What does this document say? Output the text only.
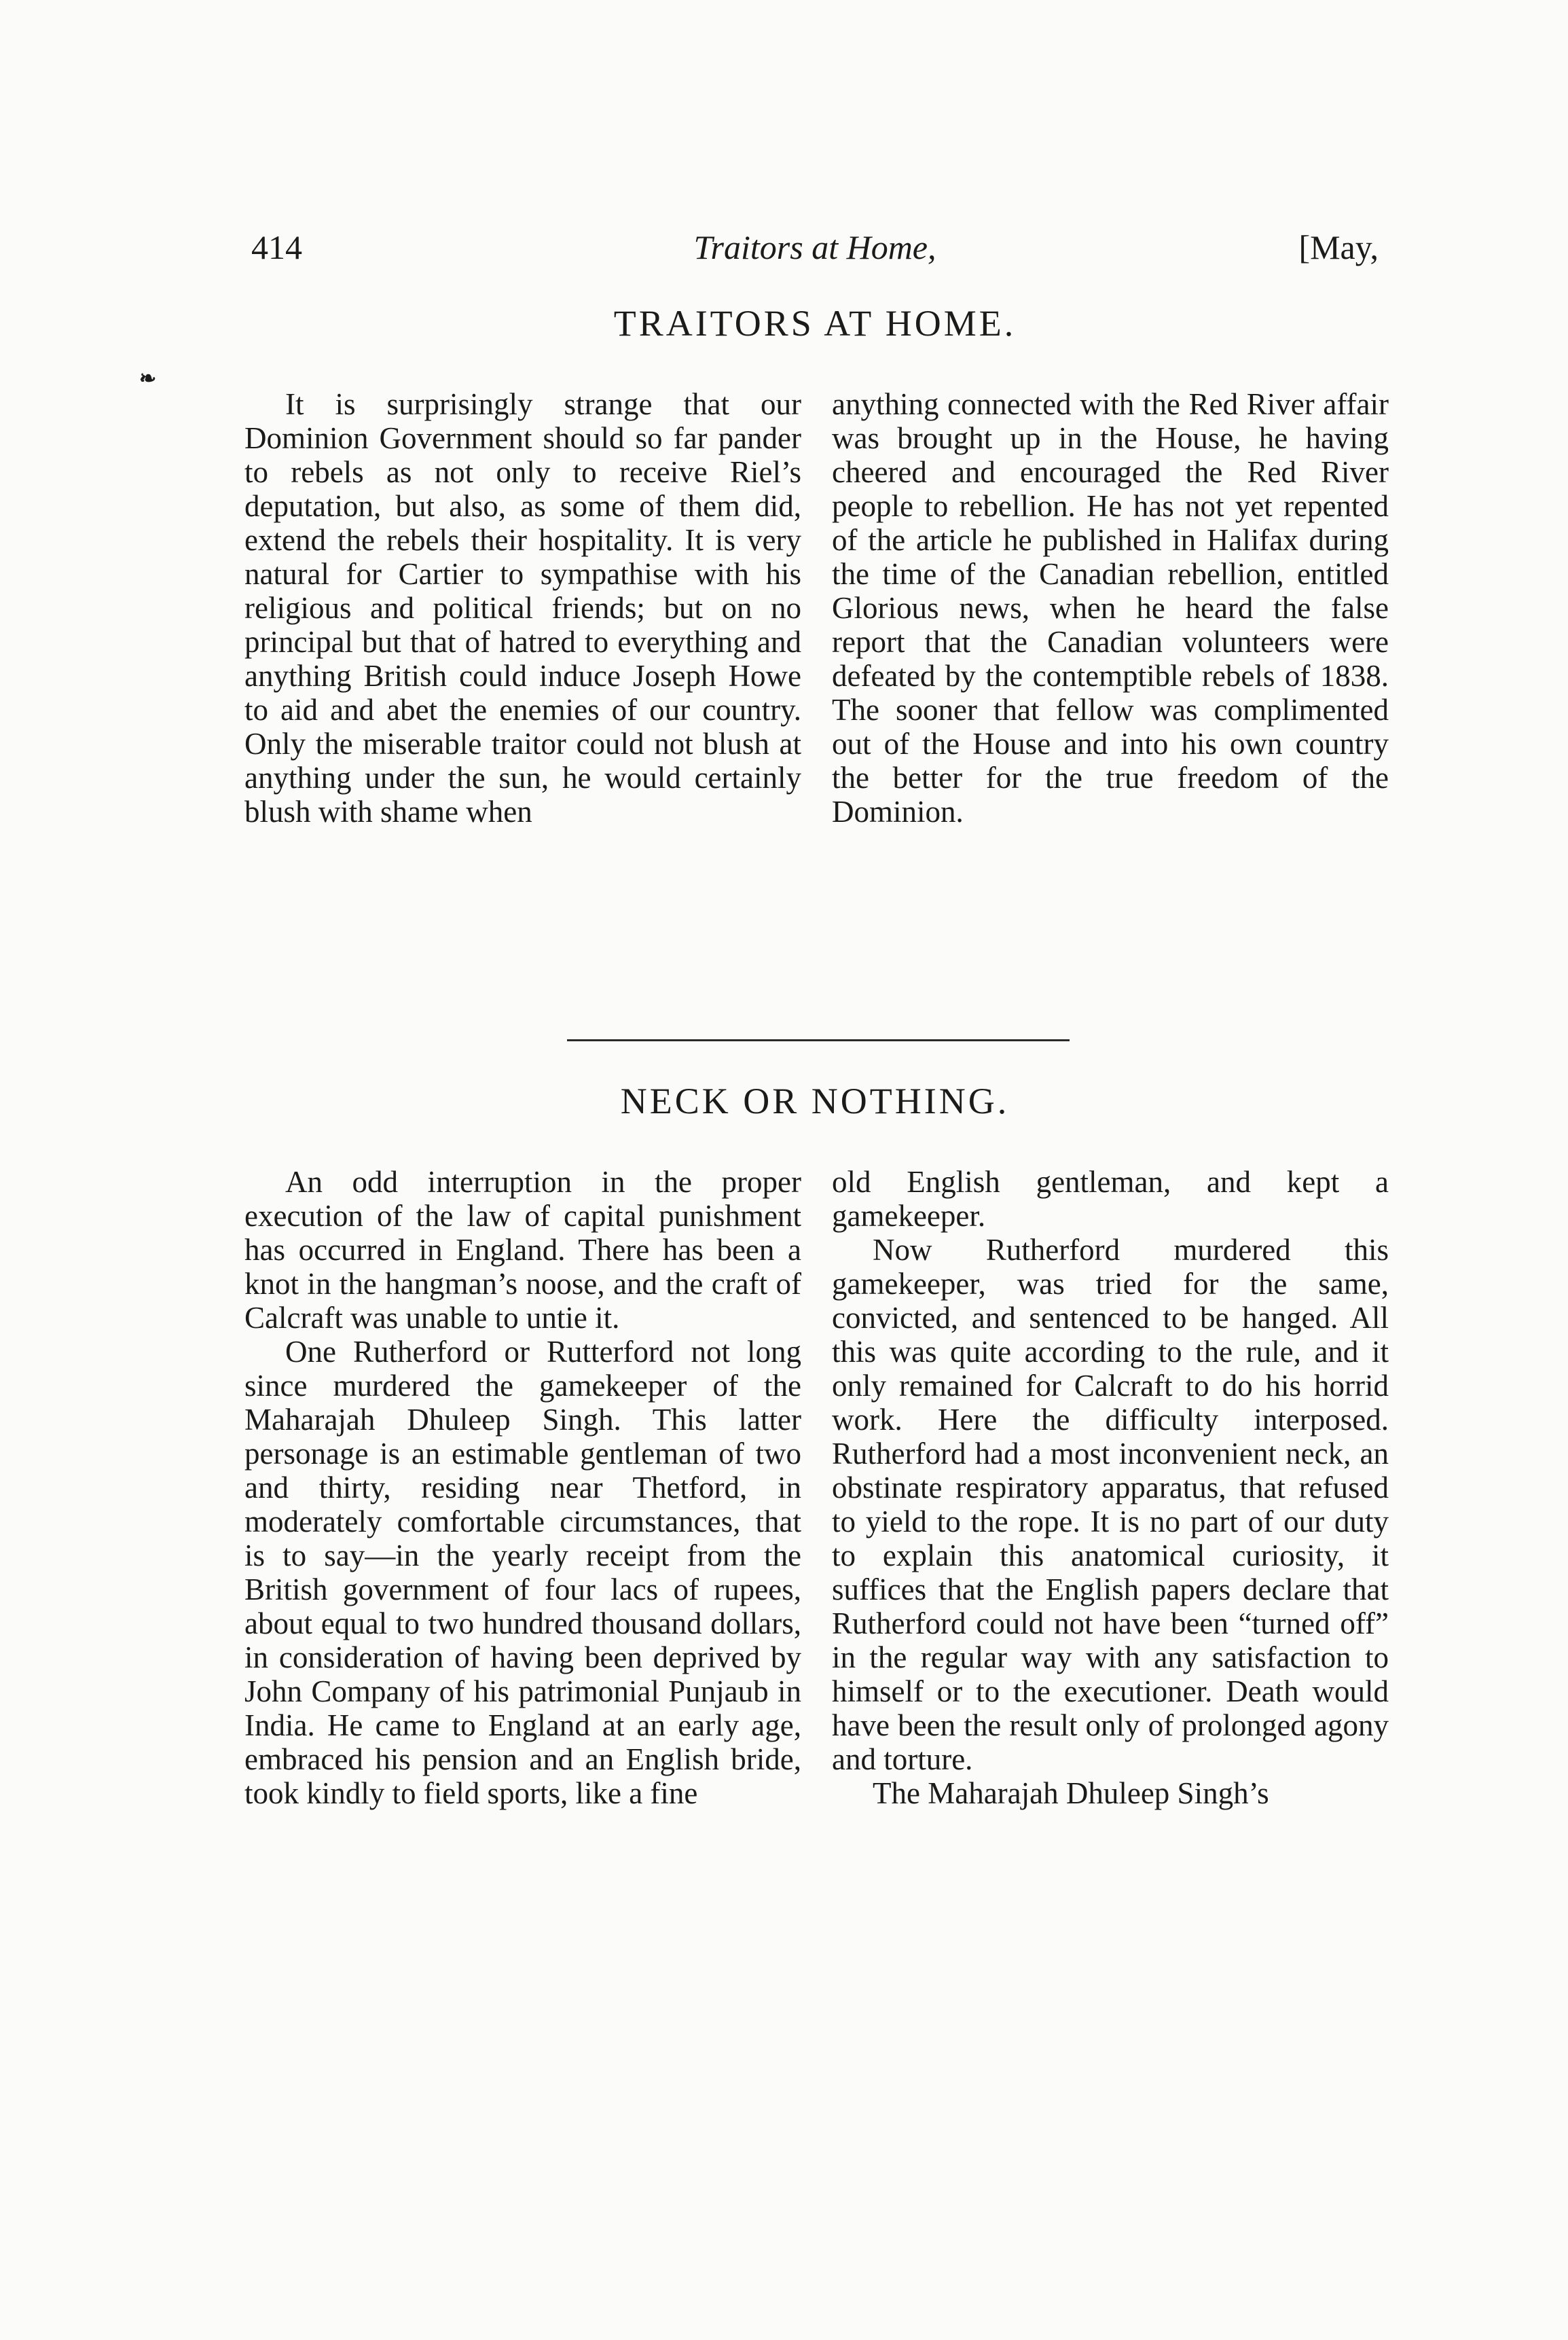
414	Traitors at Home,	[May,
❧
TRAITORS AT HOME.

It is surprisingly strange that our Dominion Government should so far pander to rebels as not only to receive Riel’s deputation, but also, as some of them did, extend the rebels their hospitality. It is very natural for Cartier to sympathise with his religious and political friends; but on no principal but that of hatred to everything and anything British could induce Joseph Howe to aid and abet the enemies of our country. Only the miserable traitor could not blush at anything under the sun, he would certainly blush with shame when

anything connected with the Red River affair was brought up in the House, he having cheered and encouraged the Red River people to rebellion. He has not yet repented of the article he published in Halifax during the time of the Canadian rebellion, entitled Glorious news, when he heard the false report that the Canadian volunteers were defeated by the contemptible rebels of 1838. The sooner that fellow was complimented out of the House and into his own country the better for the true freedom of the Dominion.

NECK OR NOTHING.

An odd interruption in the proper execution of the law of capital punishment has occurred in England. There has been a knot in the hangman’s noose, and the craft of Calcraft was unable to untie it.

One Rutherford or Rutterford not long since murdered the gamekeeper of the Maharajah Dhuleep Singh. This latter personage is an estimable gentleman of two and thirty, residing near Thetford, in moderately comfortable circumstances, that is to say—in the yearly receipt from the British government of four lacs of rupees, about equal to two hundred thousand dollars, in consideration of having been deprived by John Company of his patrimonial Punjaub in India. He came to England at an early age, embraced his pension and an English bride, took kindly to field sports, like a fine

old English gentleman, and kept a gamekeeper.

Now Rutherford murdered this gamekeeper, was tried for the same, convicted, and sentenced to be hanged. All this was quite according to the rule, and it only remained for Calcraft to do his horrid work. Here the difficulty interposed. Rutherford had a most inconvenient neck, an obstinate respiratory apparatus, that refused to yield to the rope. It is no part of our duty to explain this anatomical curiosity, it suffices that the English papers declare that Rutherford could not have been “turned off” in the regular way with any satisfaction to himself or to the executioner. Death would have been the result only of prolonged agony and torture.

The Maharajah Dhuleep Singh’s
